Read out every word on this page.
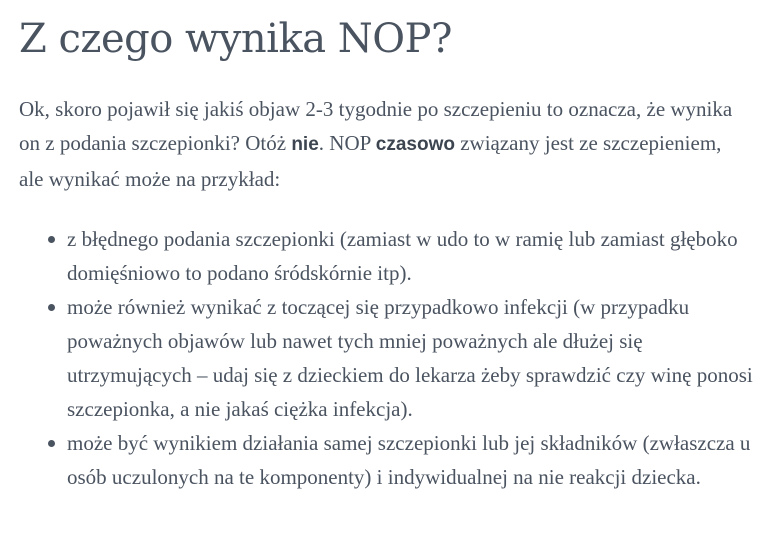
Z czego wynika NOP?

Ok, skoro pojawił się jakiś objaw 2-3 tygodnie po szczepieniu to oznacza, że wynika on z podania szczepionki? Otóż nie. NOP czasowo związany jest ze szczepieniem, ale wynikać może na przykład:

z błędnego podania szczepionki (zamiast w udo to w ramię lub zamiast głęboko domięśniowo to podano śródskórnie itp).
może również wynikać z toczącej się przypadkowo infekcji (w przypadku poważnych objawów lub nawet tych mniej poważnych ale dłużej się utrzymujących – udaj się z dzieckiem do lekarza żeby sprawdzić czy winę ponosi szczepionka, a nie jakaś ciężka infekcja).
może być wynikiem działania samej szczepionki lub jej składników (zwłaszcza u osób uczulonych na te komponenty) i indywidualnej na nie reakcji dziecka.
